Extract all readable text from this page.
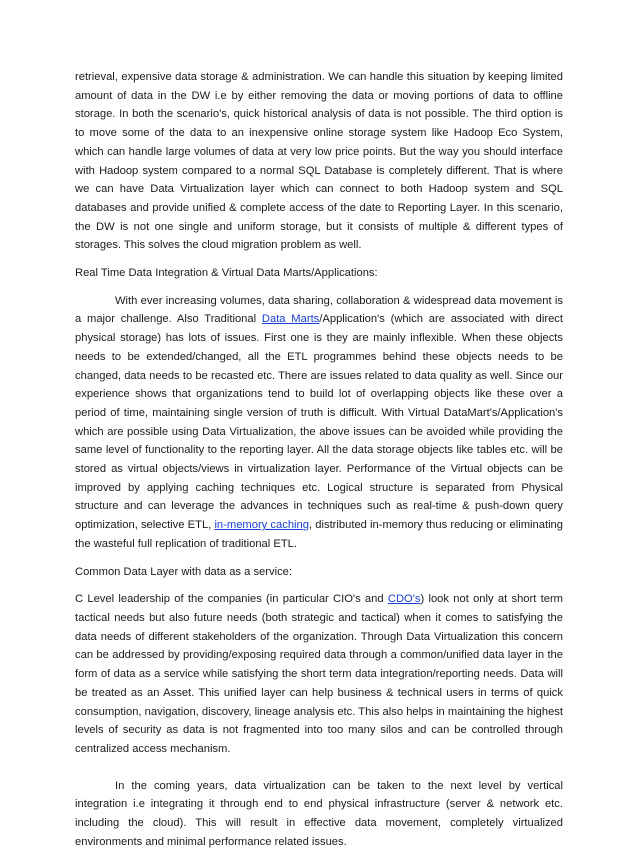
retrieval, expensive data storage & administration. We can handle this situation by keeping limited amount of data in the DW i.e by either removing the data or moving portions of data to offline storage. In both the scenario's, quick historical analysis of data is not possible. The third option is to move some of the data to an inexpensive online storage system like Hadoop Eco System, which can handle large volumes of data at very low price points. But the way you should interface with Hadoop system compared to a normal SQL Database is completely different. That is where we can have Data Virtualization layer which can connect to both Hadoop system and SQL databases and provide unified & complete access of the date to Reporting Layer. In this scenario, the DW is not one single and uniform storage, but it consists of multiple & different types of storages. This solves the cloud migration problem as well.

Real Time Data Integration & Virtual Data Marts/Applications:

With ever increasing volumes, data sharing, collaboration & widespread data movement is a major challenge. Also Traditional Data Marts/Application's (which are associated with direct physical storage) has lots of issues. First one is they are mainly inflexible. When these objects needs to be extended/changed, all the ETL programmes behind these objects needs to be changed, data needs to be recasted etc. There are issues related to data quality as well. Since our experience shows that organizations tend to build lot of overlapping objects like these over a period of time, maintaining single version of truth is difficult. With Virtual DataMart's/Application's which are possible using Data Virtualization, the above issues can be avoided while providing the same level of functionality to the reporting layer. All the data storage objects like tables etc. will be stored as virtual objects/views in virtualization layer. Performance of the Virtual objects can be improved by applying caching techniques etc. Logical structure is separated from Physical structure and can leverage the advances in techniques such as real-time & push-down query optimization, selective ETL, in-memory caching, distributed in-memory thus reducing or eliminating the wasteful full replication of traditional ETL.

Common Data Layer with data as a service:

C Level leadership of the companies (in particular CIO's and CDO's) look not only at short term tactical needs but also future needs (both strategic and tactical) when it comes to satisfying the data needs of different stakeholders of the organization. Through Data Virtualization this concern can be addressed by providing/exposing required data through a common/unified data layer in the form of data as a service while satisfying the short term data integration/reporting needs. Data will be treated as an Asset. This unified layer can help business & technical users in terms of quick consumption, navigation, discovery, lineage analysis etc. This also helps in maintaining the highest levels of security as data is not fragmented into too many silos and can be controlled through centralized access mechanism.

In the coming years, data virtualization can be taken to the next level by vertical integration i.e integrating it through end to end physical infrastructure (server & network etc. including the cloud). This will result in effective data movement, completely virtualized environments and minimal performance related issues.
